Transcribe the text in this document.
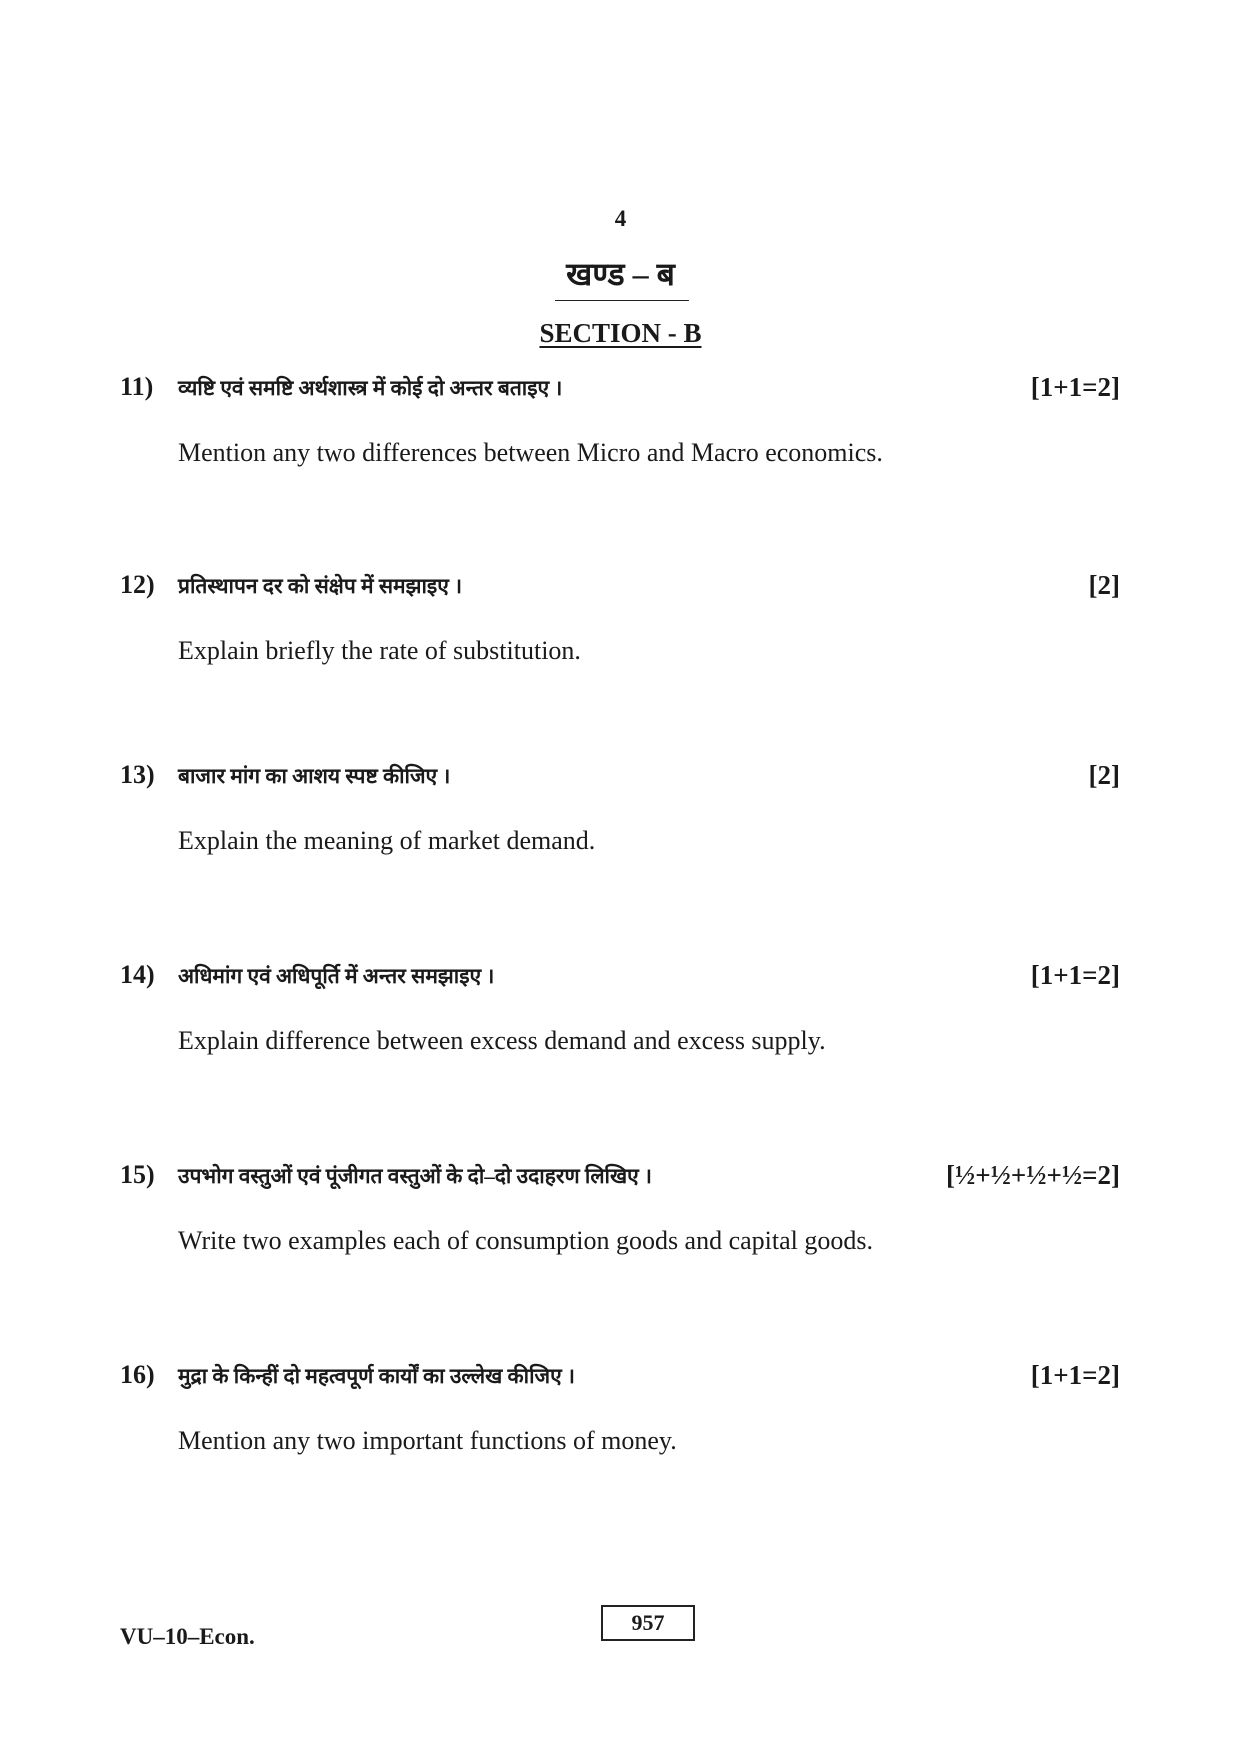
4
खण्ड – ब
SECTION - B
11) व्यष्टि एवं समष्टि अर्थशास्त्र में कोई दो अन्तर बताइए ।	[1+1=2]
Mention any two differences between Micro and Macro economics.
12) प्रतिस्थापन दर को संक्षेप में समझाइए ।	[2]
Explain briefly the rate of substitution.
13) बाजार मांग का आशय स्पष्ट कीजिए ।	[2]
Explain the meaning of market demand.
14) अधिमांग एवं अधिपूर्ति में अन्तर समझाइए ।	[1+1=2]
Explain difference between excess demand and excess supply.
15) उपभोग वस्तुओं एवं पूंजीगत वस्तुओं के दो–दो उदाहरण लिखिए ।	[½+½+½+½=2]
Write two examples each of consumption goods and capital goods.
16) मुद्रा के किन्हीं दो महत्वपूर्ण कार्यों का उल्लेख कीजिए ।	[1+1=2]
Mention any two important functions of money.
VU–10–Econ.
957
